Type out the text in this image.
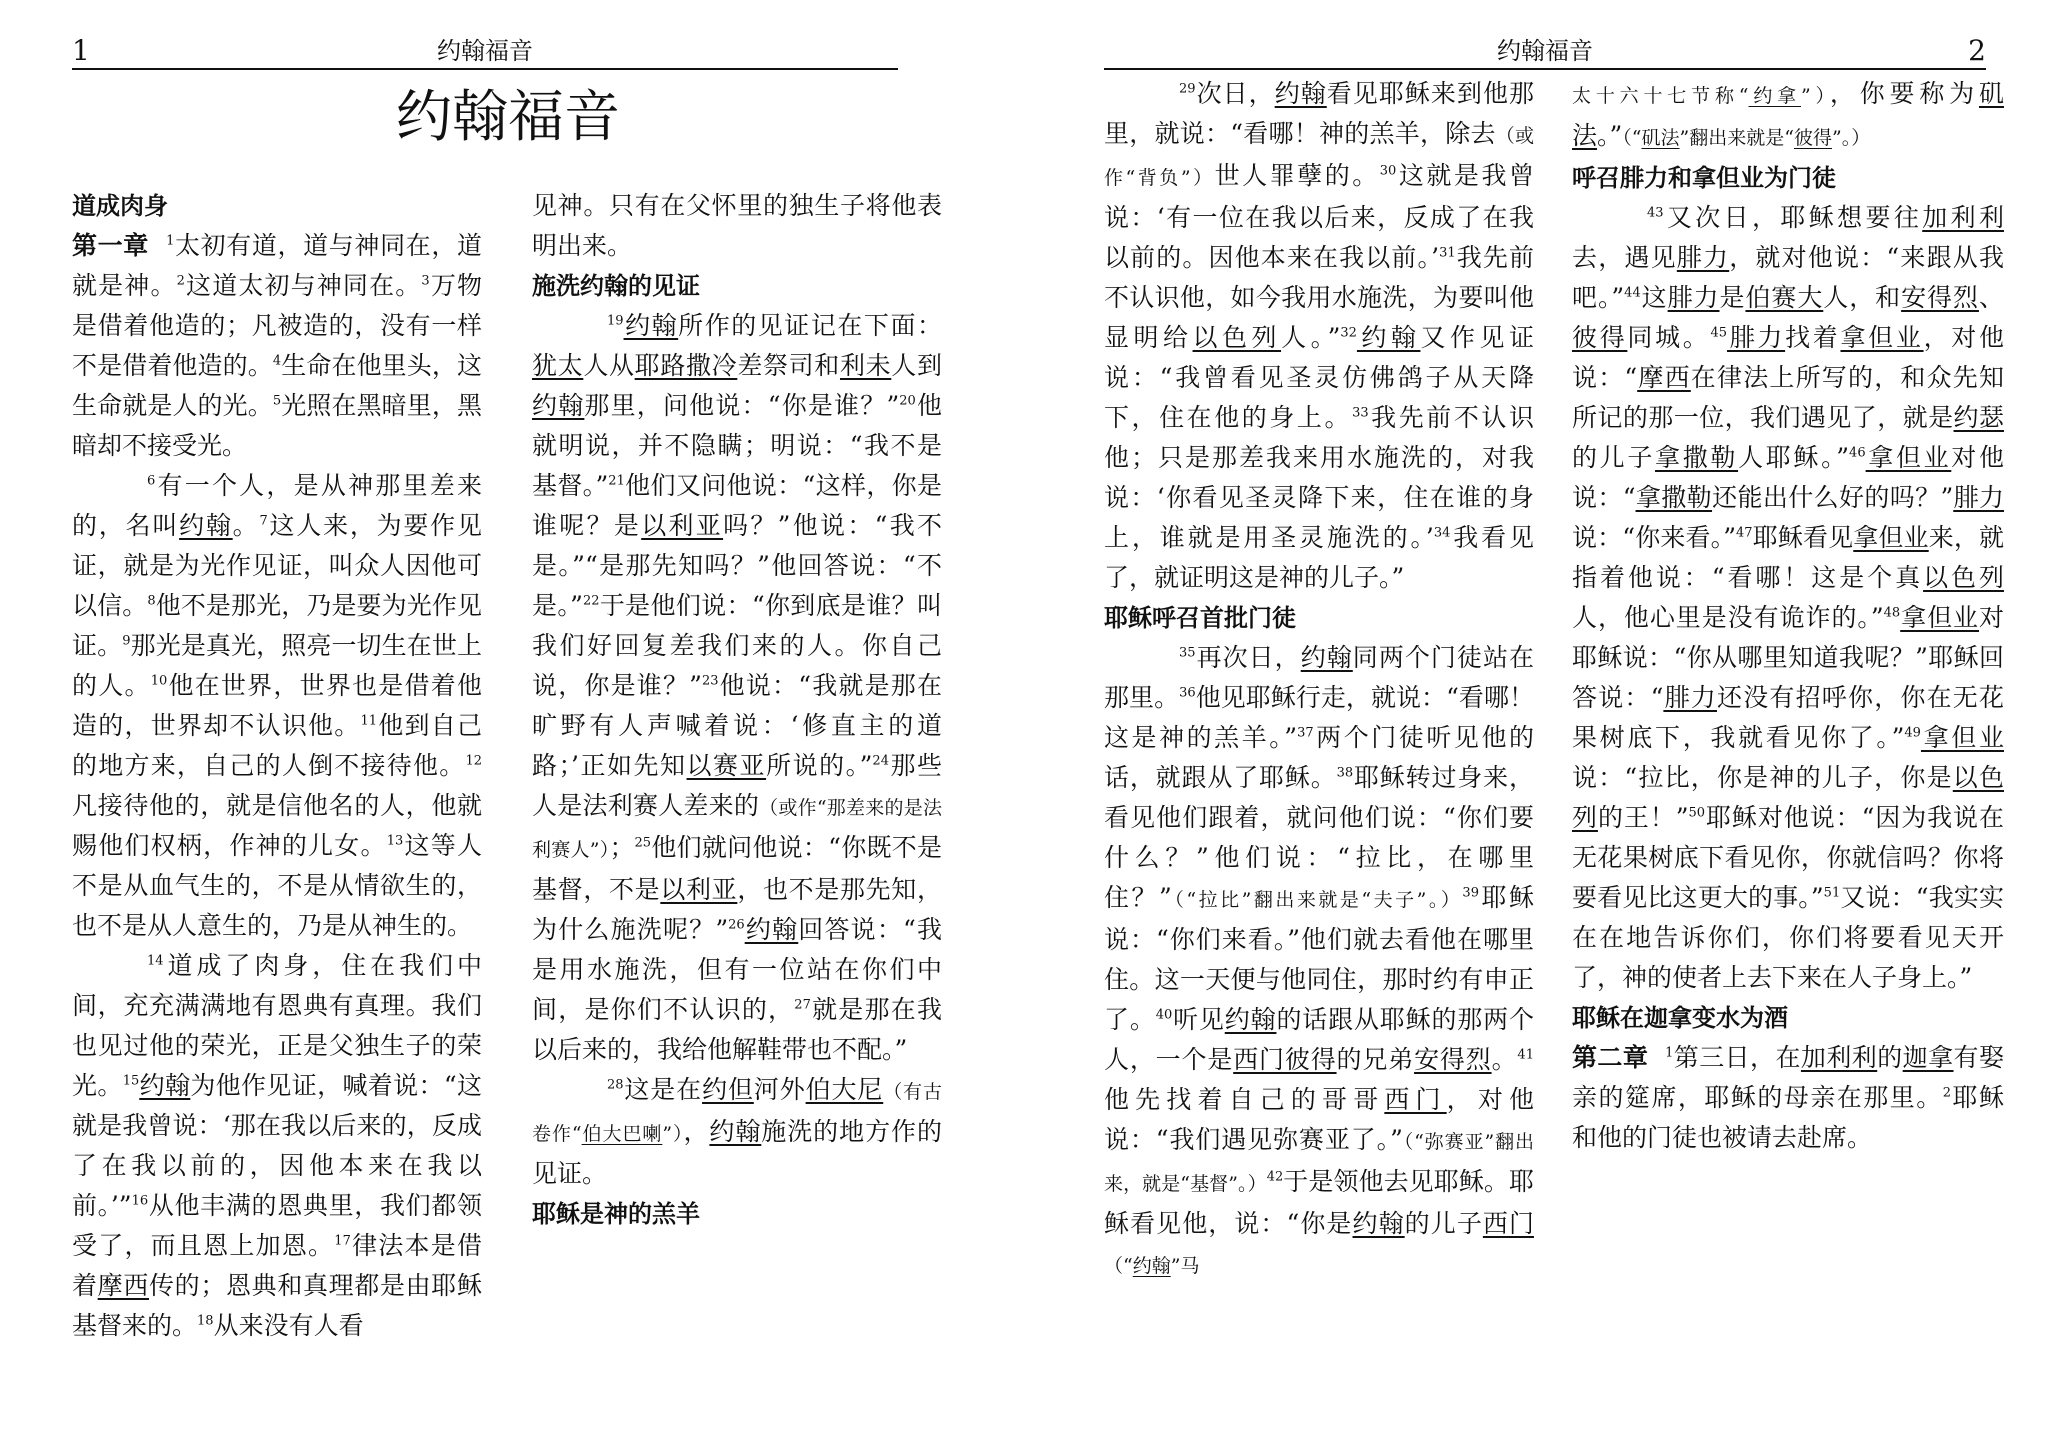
1	约翰福音
约翰福音

道成肉身

第一章 $^1$太初有道，道与神同在，道就是神。$^2$这道太初与神同在。$^3$万物是借着他造的；凡被造的，没有一样不是借着他造的。$^4$生命在他里头，这生命就是人的光。$^5$光照在黑暗里，黑暗却不接受光。

$^6$有一个人，是从神那里差来的，名叫约翰。$^7$这人来，为要作见证，就是为光作见证，叫众人因他可以信。$^8$他不是那光，乃是要为光作见证。$^9$那光是真光，照亮一切生在世上的人。$^{10}$他在世界，世界也是借着他造的，世界却不认识他。$^{11}$他到自己的地方来，自己的人倒不接待他。$^{12}$凡接待他的，就是信他名的人，他就赐他们权柄，作神的儿女。$^{13}$这等人不是从血气生的，不是从情欲生的，也不是从人意生的，乃是从神生的。

$^{14}$道成了肉身，住在我们中间，充充满满地有恩典有真理。我们也见过他的荣光，正是父独生子的荣光。$^{15}$约翰为他作见证，喊着说：“这就是我曾说：‘那在我以后来的，反成了在我以前的，因他本来在我以前。’”$^{16}$从他丰满的恩典里，我们都领受了，而且恩上加恩。$^{17}$律法本是借着摩西传的；恩典和真理都是由耶稣基督来的。$^{18}$从来没有人看

见神。只有在父怀里的独生子将他表明出来。

施洗约翰的见证

$^{19}$约翰所作的见证记在下面：犹太人从耶路撒冷差祭司和利未人到约翰那里，问他说：“你是谁？”$^{20}$他就明说，并不隐瞒；明说：“我不是基督。”$^{21}$他们又问他说：“这样，你是谁呢？是以利亚吗？”他说：“我不是。”“是那先知吗？”他回答说：“不是。”$^{22}$于是他们说：“你到底是谁？叫我们好回复差我们来的人。你自己说，你是谁？”$^{23}$他说：“我就是那在旷野有人声喊着说：‘修直主的道路；’正如先知以赛亚所说的。”$^{24}$那些人是法利赛人差来的（或作“那差来的是法利赛人”）；$^{25}$他们就问他说：“你既不是基督，不是以利亚，也不是那先知，为什么施洗呢？”$^{26}$约翰回答说：“我是用水施洗，但有一位站在你们中间，是你们不认识的，$^{27}$就是那在我以后来的，我给他解鞋带也不配。”

$^{28}$这是在约但河外伯大尼（有古卷作“伯大巴喇”），约翰施洗的地方作的见证。

耶稣是神的羔羊

约翰福音	2

$^{29}$次日，约翰看见耶稣来到他那里，就说：“看哪！神的羔羊，除去（或作“背负”）世人罪孽的。$^{30}$这就是我曾说：‘有一位在我以后来，反成了在我以前的。因他本来在我以前。’$^{31}$我先前不认识他，如今我用水施洗，为要叫他显明给以色列人。”$^{32}$约翰又作见证说：“我曾看见圣灵仿佛鸽子从天降下，住在他的身上。$^{33}$我先前不认识他；只是那差我来用水施洗的，对我说：‘你看见圣灵降下来，住在谁的身上，谁就是用圣灵施洗的。’$^{34}$我看见了，就证明这是神的儿子。”

耶稣呼召首批门徒

$^{35}$再次日，约翰同两个门徒站在那里。$^{36}$他见耶稣行走，就说：“看哪！这是神的羔羊。”$^{37}$两个门徒听见他的话，就跟从了耶稣。$^{38}$耶稣转过身来，看见他们跟着，就问他们说：“你们要什么？”他们说：“拉比，在哪里住？”（“拉比”翻出来就是“夫子”。）$^{39}$耶稣说：“你们来看。”他们就去看他在哪里住。这一天便与他同住，那时约有申正了。$^{40}$听见约翰的话跟从耶稣的那两个人，一个是西门彼得的兄弟安得烈。$^{41}$他先找着自己的哥哥西门，对他说：“我们遇见弥赛亚了。”（“弥赛亚”翻出来，就是“基督”。）$^{42}$于是领他去见耶稣。耶稣看见他，说：“你是约翰的儿子西门（“约翰”马

太十六十七节称“约拿”），你要称为矶法。”（“矶法”翻出来就是“彼得”。）

呼召腓力和拿但业为门徒

$^{43}$又次日，耶稣想要往加利利去，遇见腓力，就对他说：“来跟从我吧。”$^{44}$这腓力是伯赛大人，和安得烈、彼得同城。$^{45}$腓力找着拿但业，对他说：“摩西在律法上所写的，和众先知所记的那一位，我们遇见了，就是约瑟的儿子拿撒勒人耶稣。”$^{46}$拿但业对他说：“拿撒勒还能出什么好的吗？”腓力说：“你来看。”$^{47}$耶稣看见拿但业来，就指着他说：“看哪！这是个真以色列人，他心里是没有诡诈的。”$^{48}$拿但业对耶稣说：“你从哪里知道我呢？”耶稣回答说：“腓力还没有招呼你，你在无花果树底下，我就看见你了。”$^{49}$拿但业说：“拉比，你是神的儿子，你是以色列的王！”$^{50}$耶稣对他说：“因为我说在无花果树底下看见你，你就信吗？你将要看见比这更大的事。”$^{51}$又说：“我实实在在地告诉你们，你们将要看见天开了，神的使者上去下来在人子身上。”

耶稣在迦拿变水为酒

第二章 $^1$第三日，在加利利的迦拿有娶亲的筵席，耶稣的母亲在那里。$^2$耶稣和他的门徒也被请去赴席。
